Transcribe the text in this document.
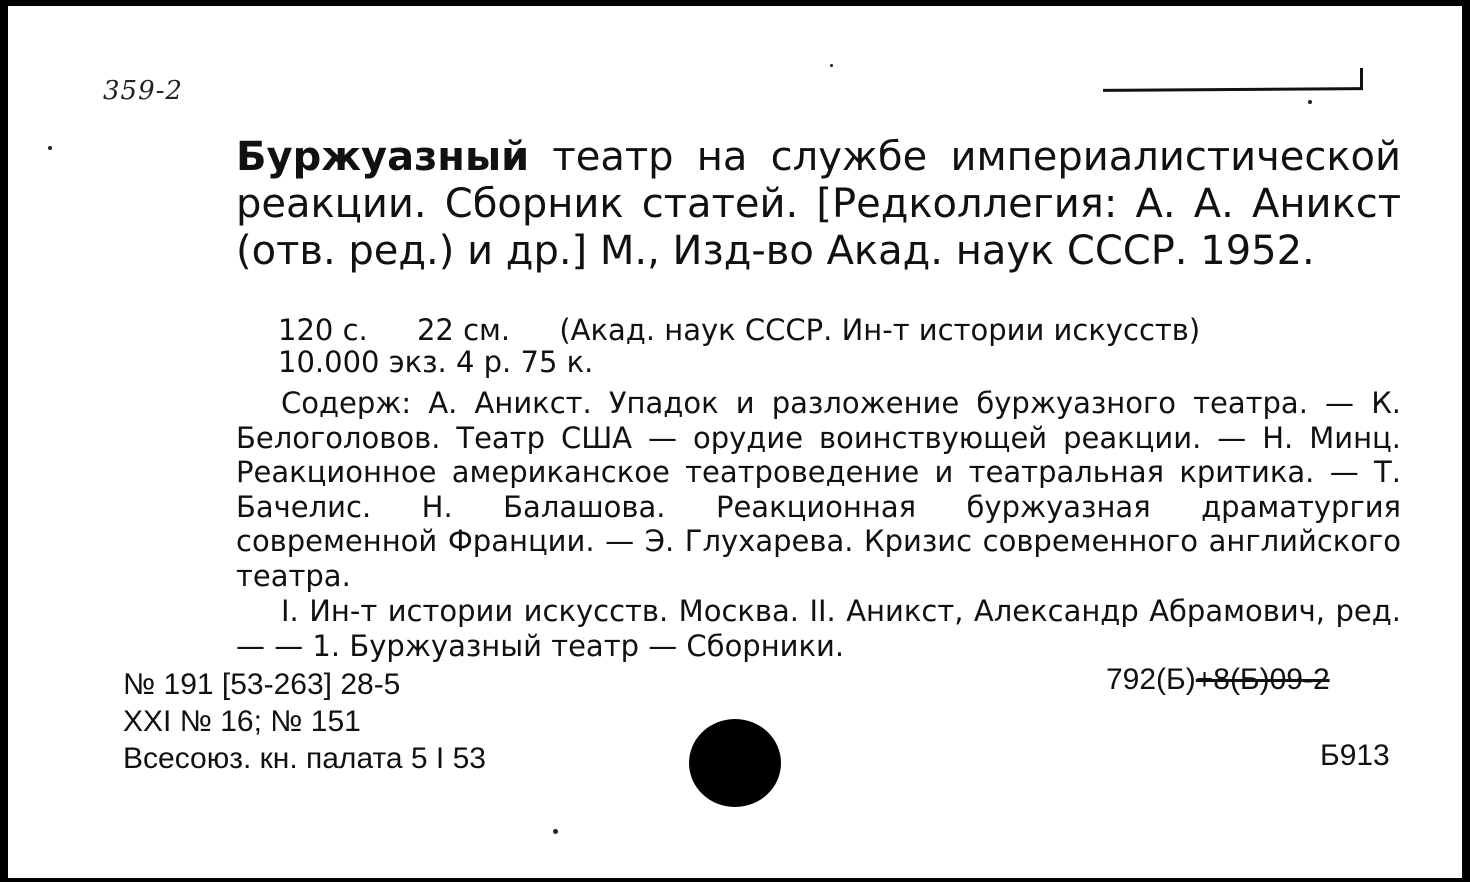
359-2
Буржуазный театр на службе империалистической реакции. Сборник статей. [Редколлегия: А. А. Аникст (отв. ред.) и др.] М., Изд-во Акад. наук СССР. 1952.
120 с. 22 см. (Акад. наук СССР. Ин-т истории искусств)
10.000 экз. 4 р. 75 к.
Содерж: А. Аникст. Упадок и разложение буржуазного театра. — К. Белоголовов. Театр США — орудие воинствующей реакции. — Н. Минц. Реакционное американское театроведение и театральная критика. — Т. Бачелис. Н. Балашова. Реакционная буржуазная драматургия современной Франции. — Э. Глухарева. Кризис современного английского театра.
I. Ин-т истории искусств. Москва. II. Аникст, Александр Абрамович, ред. — — 1. Буржуазный театр — Сборники.
№ 191 [53-263] 28-5
XXI № 16; № 151
Всесоюз. кн. палата 5 I 53
792(Б)+8(Б)09-2
Б913
